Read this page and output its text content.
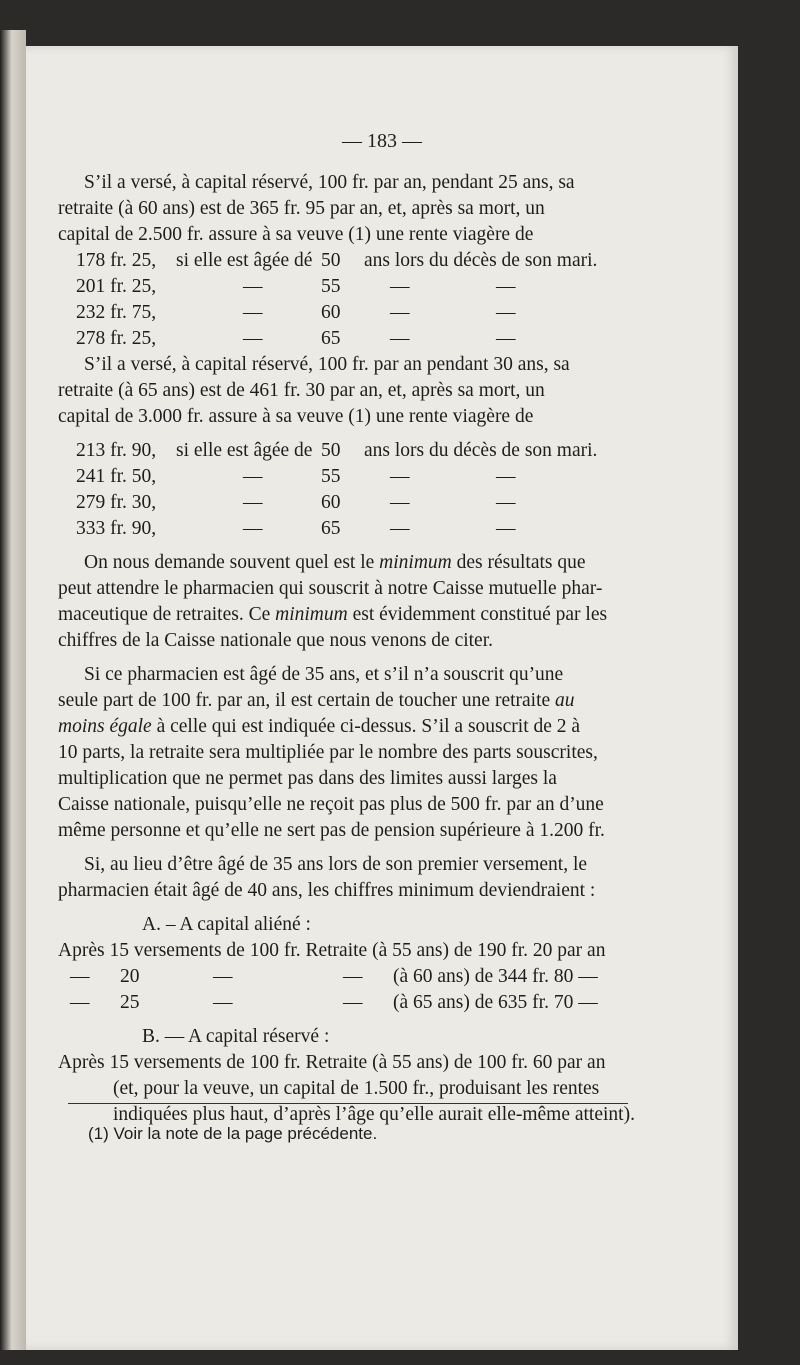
— 183 —
S’il a versé, à capital réservé, 100 fr. par an, pendant 25 ans, sa
retraite (à 60 ans) est de 365 fr. 95 par an, et, après sa mort, un
capital de 2.500 fr. assure à sa veuve (1) une rente viagère de
178 fr. 25, si elle est âgée dé 50 ans lors du décès de son mari.
201 fr. 25,	—	55	—	—
232 fr. 75,	—	60	—	—
278 fr. 25,	—	65	—	—
S’il a versé, à capital réservé, 100 fr. par an pendant 30 ans, sa
retraite (à 65 ans) est de 461 fr. 30 par an, et, après sa mort, un
capital de 3.000 fr. assure à sa veuve (1) une rente viagère de
213 fr. 90, si elle est âgée de 50 ans lors du décès de son mari.
241 fr. 50,	—	55	—	—
279 fr. 30,	—	60	—	—
333 fr. 90,	—	65	—	—
On nous demande souvent quel est le minimum des résultats que
peut attendre le pharmacien qui souscrit à notre Caisse mutuelle phar-
maceutique de retraites. Ce minimum est évidemment constitué par les
chiffres de la Caisse nationale que nous venons de citer.
Si ce pharmacien est âgé de 35 ans, et s’il n’a souscrit qu’une
seule part de 100 fr. par an, il est certain de toucher une retraite au
moins égale à celle qui est indiquée ci-dessus. S’il a souscrit de 2 à
10 parts, la retraite sera multipliée par le nombre des parts souscrites,
multiplication que ne permet pas dans des limites aussi larges la
Caisse nationale, puisqu’elle ne reçoit pas plus de 500 fr. par an d’une
même personne et qu’elle ne sert pas de pension supérieure à 1.200 fr.
Si, au lieu d’être âgé de 35 ans lors de son premier versement, le
pharmacien était âgé de 40 ans, les chiffres minimum deviendraient :
A. – A capital aliéné :
Après 15 versements de 100 fr. Retraite (à 55 ans) de 190 fr. 20 par an
— 20	—	— (à 60 ans) de 344 fr. 80 —
— 25	—	— (à 65 ans) de 635 fr. 70 —
B. — A capital réservé :
Après 15 versements de 100 fr. Retraite (à 55 ans) de 100 fr. 60 par an
(et, pour la veuve, un capital de 1.500 fr., produisant les rentes
indiquées plus haut, d’après l’âge qu’elle aurait elle-même atteint).
(1) Voir la note de la page précédente.
